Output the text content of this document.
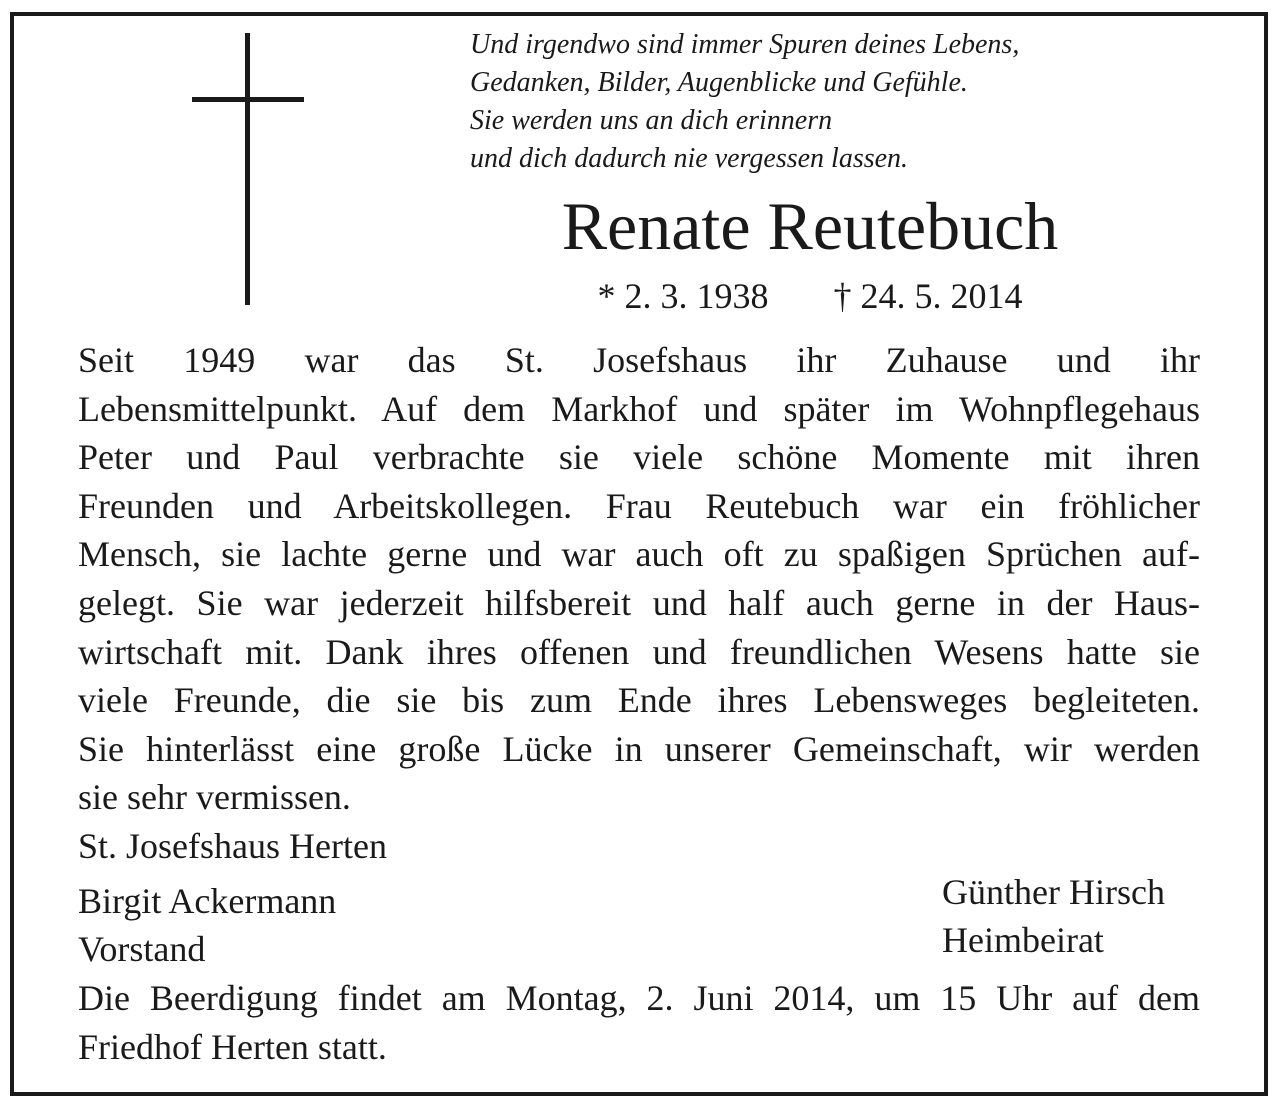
Und irgendwo sind immer Spuren deines Lebens,
Gedanken, Bilder, Augenblicke und Gefühle.
Sie werden uns an dich erinnern
und dich dadurch nie vergessen lassen.
Renate Reutebuch
* 2. 3. 1938 † 24. 5. 2014
Seit 1949 war das St. Josefshaus ihr Zuhause und ihr
Lebensmittelpunkt. Auf dem Markhof und später im Wohnpflegehaus
Peter und Paul verbrachte sie viele schöne Momente mit ihren
Freunden und Arbeitskollegen. Frau Reutebuch war ein fröhlicher
Mensch, sie lachte gerne und war auch oft zu spaßigen Sprüchen auf-
gelegt. Sie war jederzeit hilfsbereit und half auch gerne in der Haus-
wirtschaft mit. Dank ihres offenen und freundlichen Wesens hatte sie
viele Freunde, die sie bis zum Ende ihres Lebensweges begleiteten.
Sie hinterlässt eine große Lücke in unserer Gemeinschaft, wir werden
sie sehr vermissen.
St. Josefshaus Herten
Birgit Ackermann
Vorstand
Günther Hirsch
Heimbeirat
Die Beerdigung findet am Montag, 2. Juni 2014, um 15 Uhr auf dem
Friedhof Herten statt.
